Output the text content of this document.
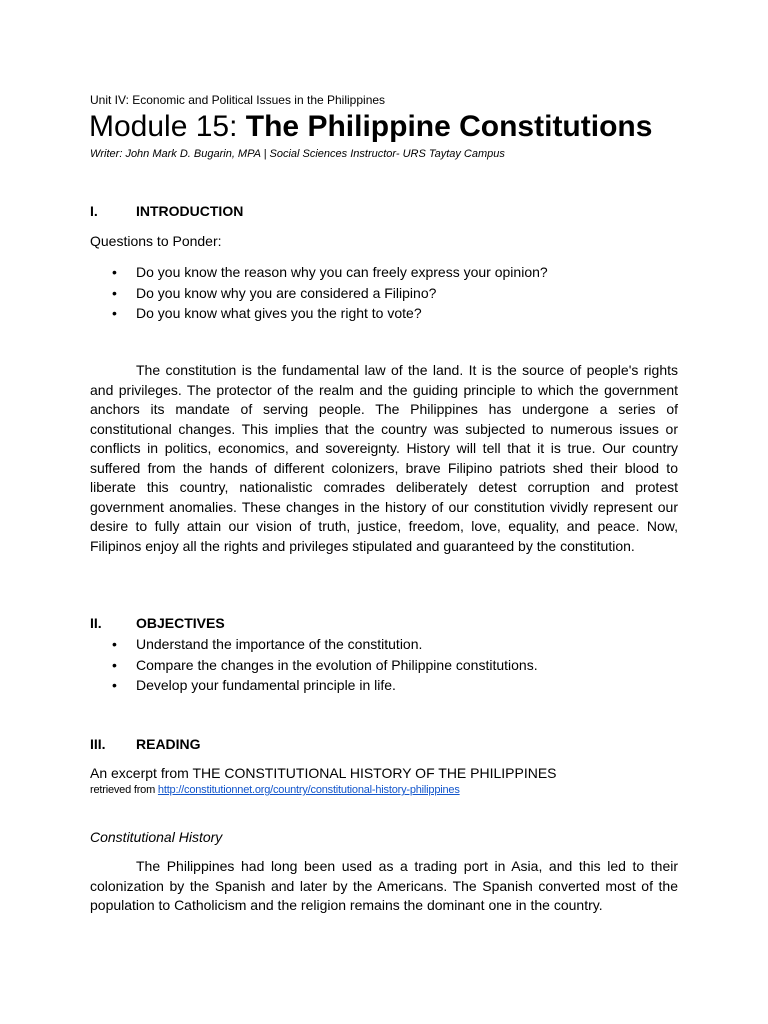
Unit IV: Economic and Political Issues in the Philippines
Module 15: The Philippine Constitutions
Writer: John Mark D. Bugarin, MPA | Social Sciences Instructor- URS Taytay Campus
I.	INTRODUCTION
Questions to Ponder:
• Do you know the reason why you can freely express your opinion?
• Do you know why you are considered a Filipino?
• Do you know what gives you the right to vote?

The constitution is the fundamental law of the land. It is the source of people's rights and privileges. The protector of the realm and the guiding principle to which the government anchors its mandate of serving people. The Philippines has undergone a series of constitutional changes. This implies that the country was subjected to numerous issues or conflicts in politics, economics, and sovereignty. History will tell that it is true. Our country suffered from the hands of different colonizers, brave Filipino patriots shed their blood to liberate this country, nationalistic comrades deliberately detest corruption and protest government anomalies. These changes in the history of our constitution vividly represent our desire to fully attain our vision of truth, justice, freedom, love, equality, and peace. Now, Filipinos enjoy all the rights and privileges stipulated and guaranteed by the constitution.

II. OBJECTIVES
• Understand the importance of the constitution.
• Compare the changes in the evolution of Philippine constitutions.
• Develop your fundamental principle in life.
III. READING
An excerpt from THE CONSTITUTIONAL HISTORY OF THE PHILIPPINES
retrieved from http://constitutionnet.org/country/constitutional-history-philippines
Constitutional History

The Philippines had long been used as a trading port in Asia, and this led to their colonization by the Spanish and later by the Americans. The Spanish converted most of the population to Catholicism and the religion remains the dominant one in the country.
